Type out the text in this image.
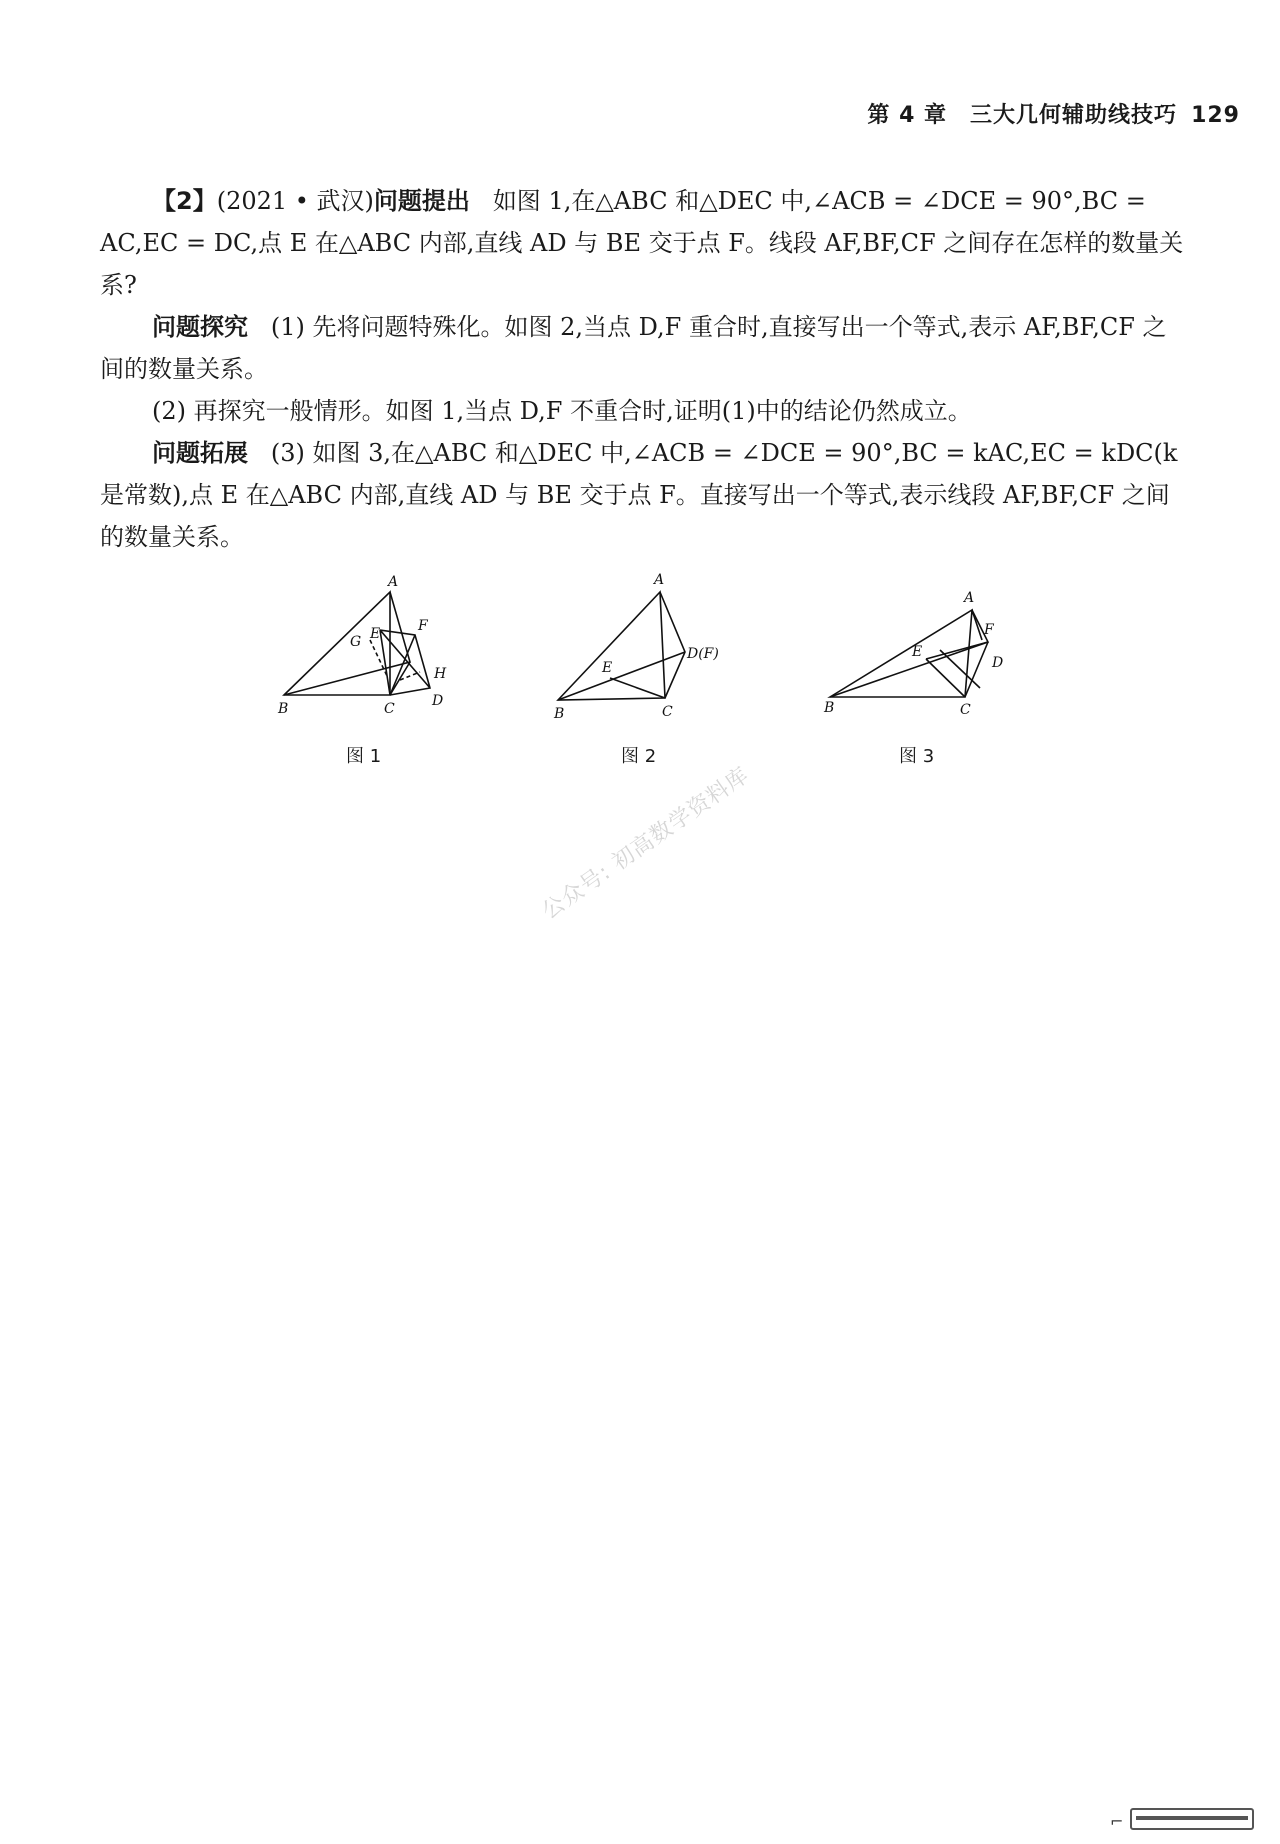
第 4 章　三大几何辅助线技巧 129

【2】(2021 • 武汉)问题提出 如图 1,在△ABC 和△DEC 中,∠ACB = ∠DCE = 90°,BC = AC,EC = DC,点 E 在△ABC 内部,直线 AD 与 BE 交于点 F。线段 AF,BF,CF 之间存在怎样的数量关系?

问题探究 (1) 先将问题特殊化。如图 2,当点 D,F 重合时,直接写出一个等式,表示 AF,BF,CF 之间的数量关系。

(2) 再探究一般情形。如图 1,当点 D,F 不重合时,证明(1)中的结论仍然成立。

问题拓展 (3) 如图 3,在△ABC 和△DEC 中,∠ACB = ∠DCE = 90°,BC = kAC,EC = kDC(k 是常数),点 E 在△ABC 内部,直线 AD 与 BE 交于点 F。直接写出一个等式,表示线段 AF,BF,CF 之间的数量关系。

A
B	C	D
E	F
G
H
A
B	C
D(F)
E
A
B	C
D
E
F
图 1	图 2	图 3
公众号: 初高数学资料库
⌐
